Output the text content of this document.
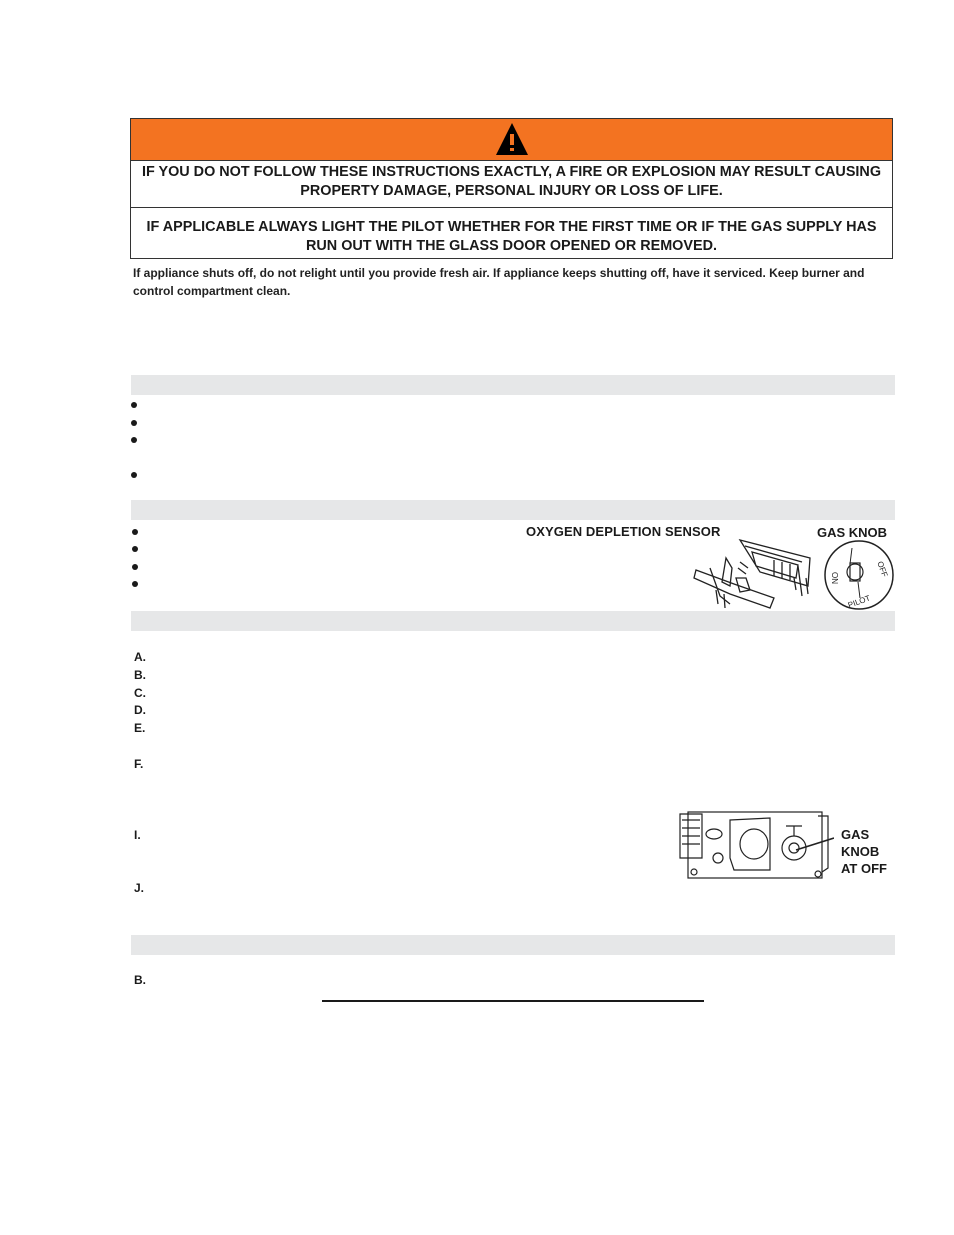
IF YOU DO NOT FOLLOW THESE INSTRUCTIONS EXACTLY, A FIRE OR EXPLOSION MAY RESULT CAUSING PROPERTY DAMAGE, PERSONAL INJURY OR LOSS OF LIFE.
IF APPLICABLE ALWAYS LIGHT THE PILOT WHETHER FOR THE FIRST TIME OR IF THE GAS SUPPLY HAS RUN OUT WITH THE GLASS DOOR OPENED OR REMOVED.
If appliance shuts off, do not relight until you provide fresh air. If appliance keeps shutting off, have it serviced. Keep burner and control compartment clean.
OXYGEN DEPLETION SENSOR	GAS KNOB
ON	OFF
PILOT
A.
B.
C.
D.
E.
F.
I.
J.
GAS
KNOB
AT OFF
B.
